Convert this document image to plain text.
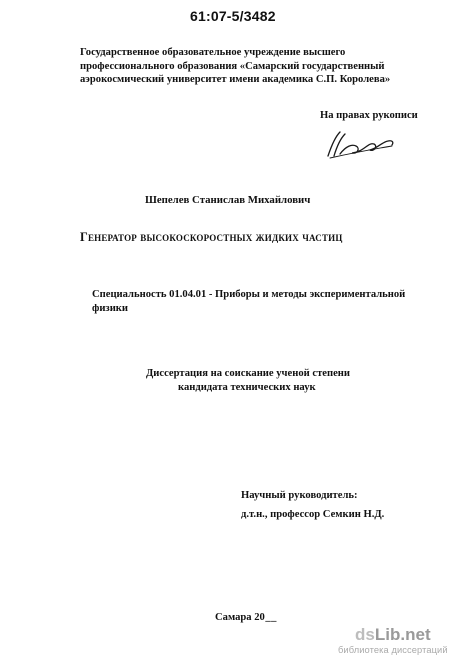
61:07-5/3482
Государственное образовательное учреждение высшего
профессионального образования «Самарский государственный
аэрокосмический университет имени академика С.П. Королева»
На правах рукописи
Шепелев Станислав Михайлович
Генератор высокоскоростных жидких частиц
Специальность 01.04.01 - Приборы и методы экспериментальной
физики
Диссертация на соискание ученой степени
кандидата технических наук
Научный руководитель:
д.т.н., профессор Семкин Н.Д.
Самара 20__
dsLib.net
библиотека диссертаций
